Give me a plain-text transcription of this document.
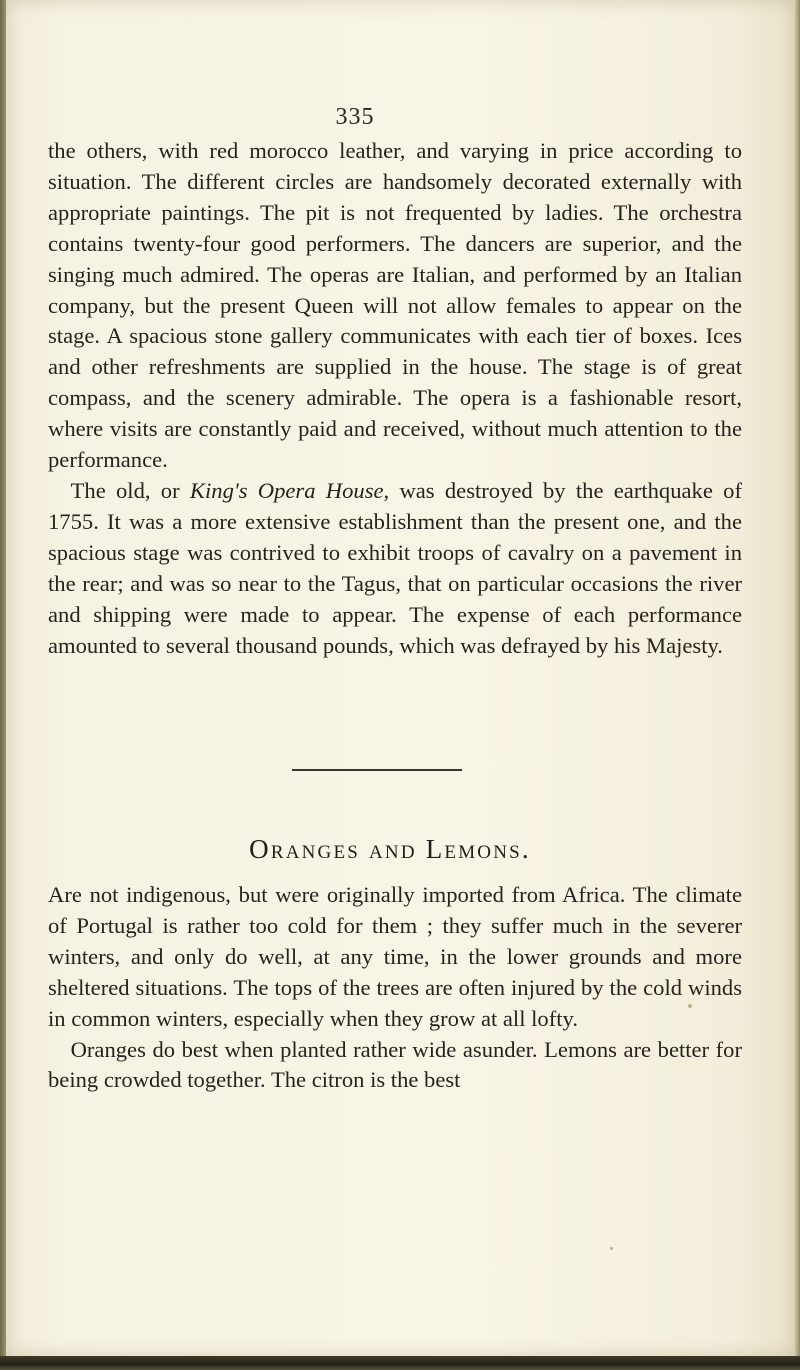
335

the others, with red morocco leather, and varying in price according to situation. The different circles are handsomely decorated externally with appropriate paintings. The pit is not frequented by ladies. The orchestra contains twenty-four good performers. The dancers are superior, and the singing much admired. The operas are Italian, and performed by an Italian company, but the present Queen will not allow females to appear on the stage. A spacious stone gallery communicates with each tier of boxes. Ices and other refreshments are supplied in the house. The stage is of great compass, and the scenery admirable. The opera is a fashionable resort, where visits are constantly paid and received, without much attention to the performance.

The old, or King's Opera House, was destroyed by the earthquake of 1755. It was a more extensive establishment than the present one, and the spacious stage was contrived to exhibit troops of cavalry on a pavement in the rear; and was so near to the Tagus, that on particular occasions the river and shipping were made to appear. The expense of each performance amounted to several thousand pounds, which was defrayed by his Majesty.

Oranges and Lemons.

Are not indigenous, but were originally imported from Africa. The climate of Portugal is rather too cold for them ; they suffer much in the severer winters, and only do well, at any time, in the lower grounds and more sheltered situations. The tops of the trees are often injured by the cold winds in common winters, especially when they grow at all lofty.

Oranges do best when planted rather wide asunder. Lemons are better for being crowded together. The citron is the best
